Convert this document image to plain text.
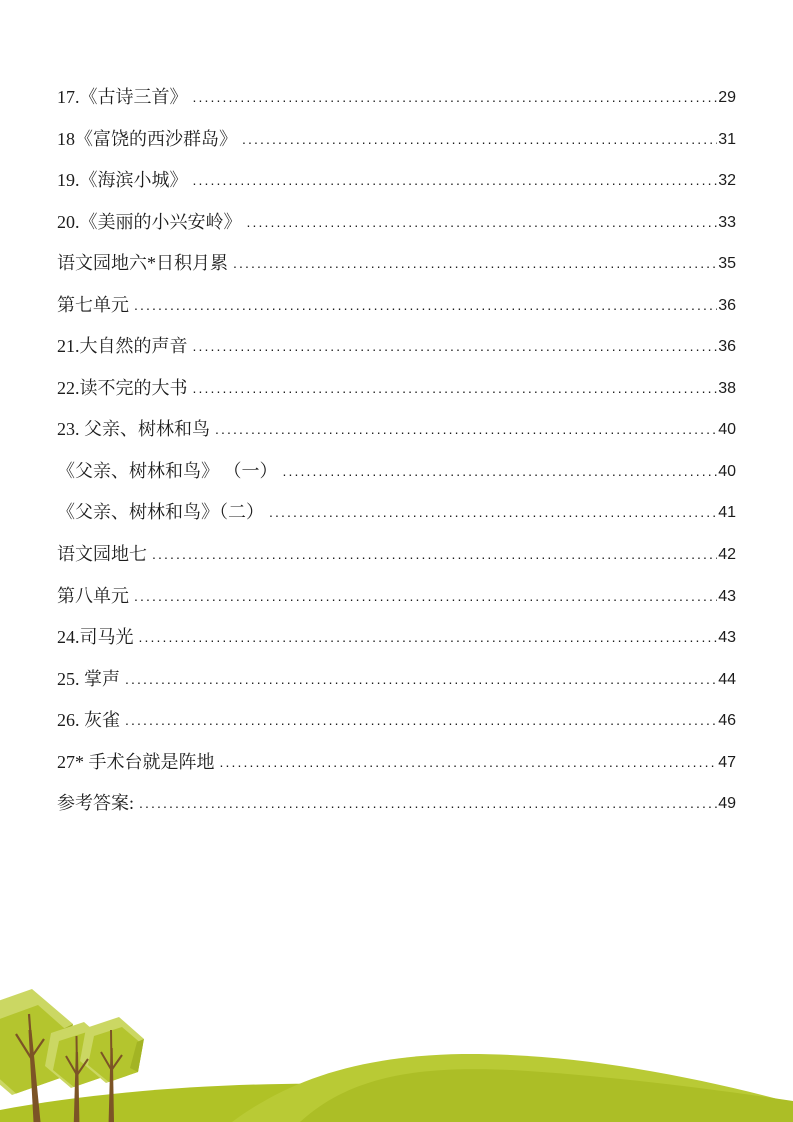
17.《古诗三首》 .....	29
18《富饶的西沙群岛》 .....	31
19.《海滨小城》 .....	32
20.《美丽的小兴安岭》 .....	33
语文园地六*日积月累 .....	35
第七单元 .....	36
21.大自然的声音 .....	36
22.读不完的大书 .....	38
23. 父亲、树林和鸟 .....	40
《父亲、树林和鸟》 （一） .....	40
《父亲、树林和鸟》（二） .....	41
语文园地七 .....	42
第八单元 .....	43
24.司马光 .....	43
25. 掌声 .....	44
26. 灰雀 .....	46
27* 手术台就是阵地 .....	47
参考答案: .....	49
